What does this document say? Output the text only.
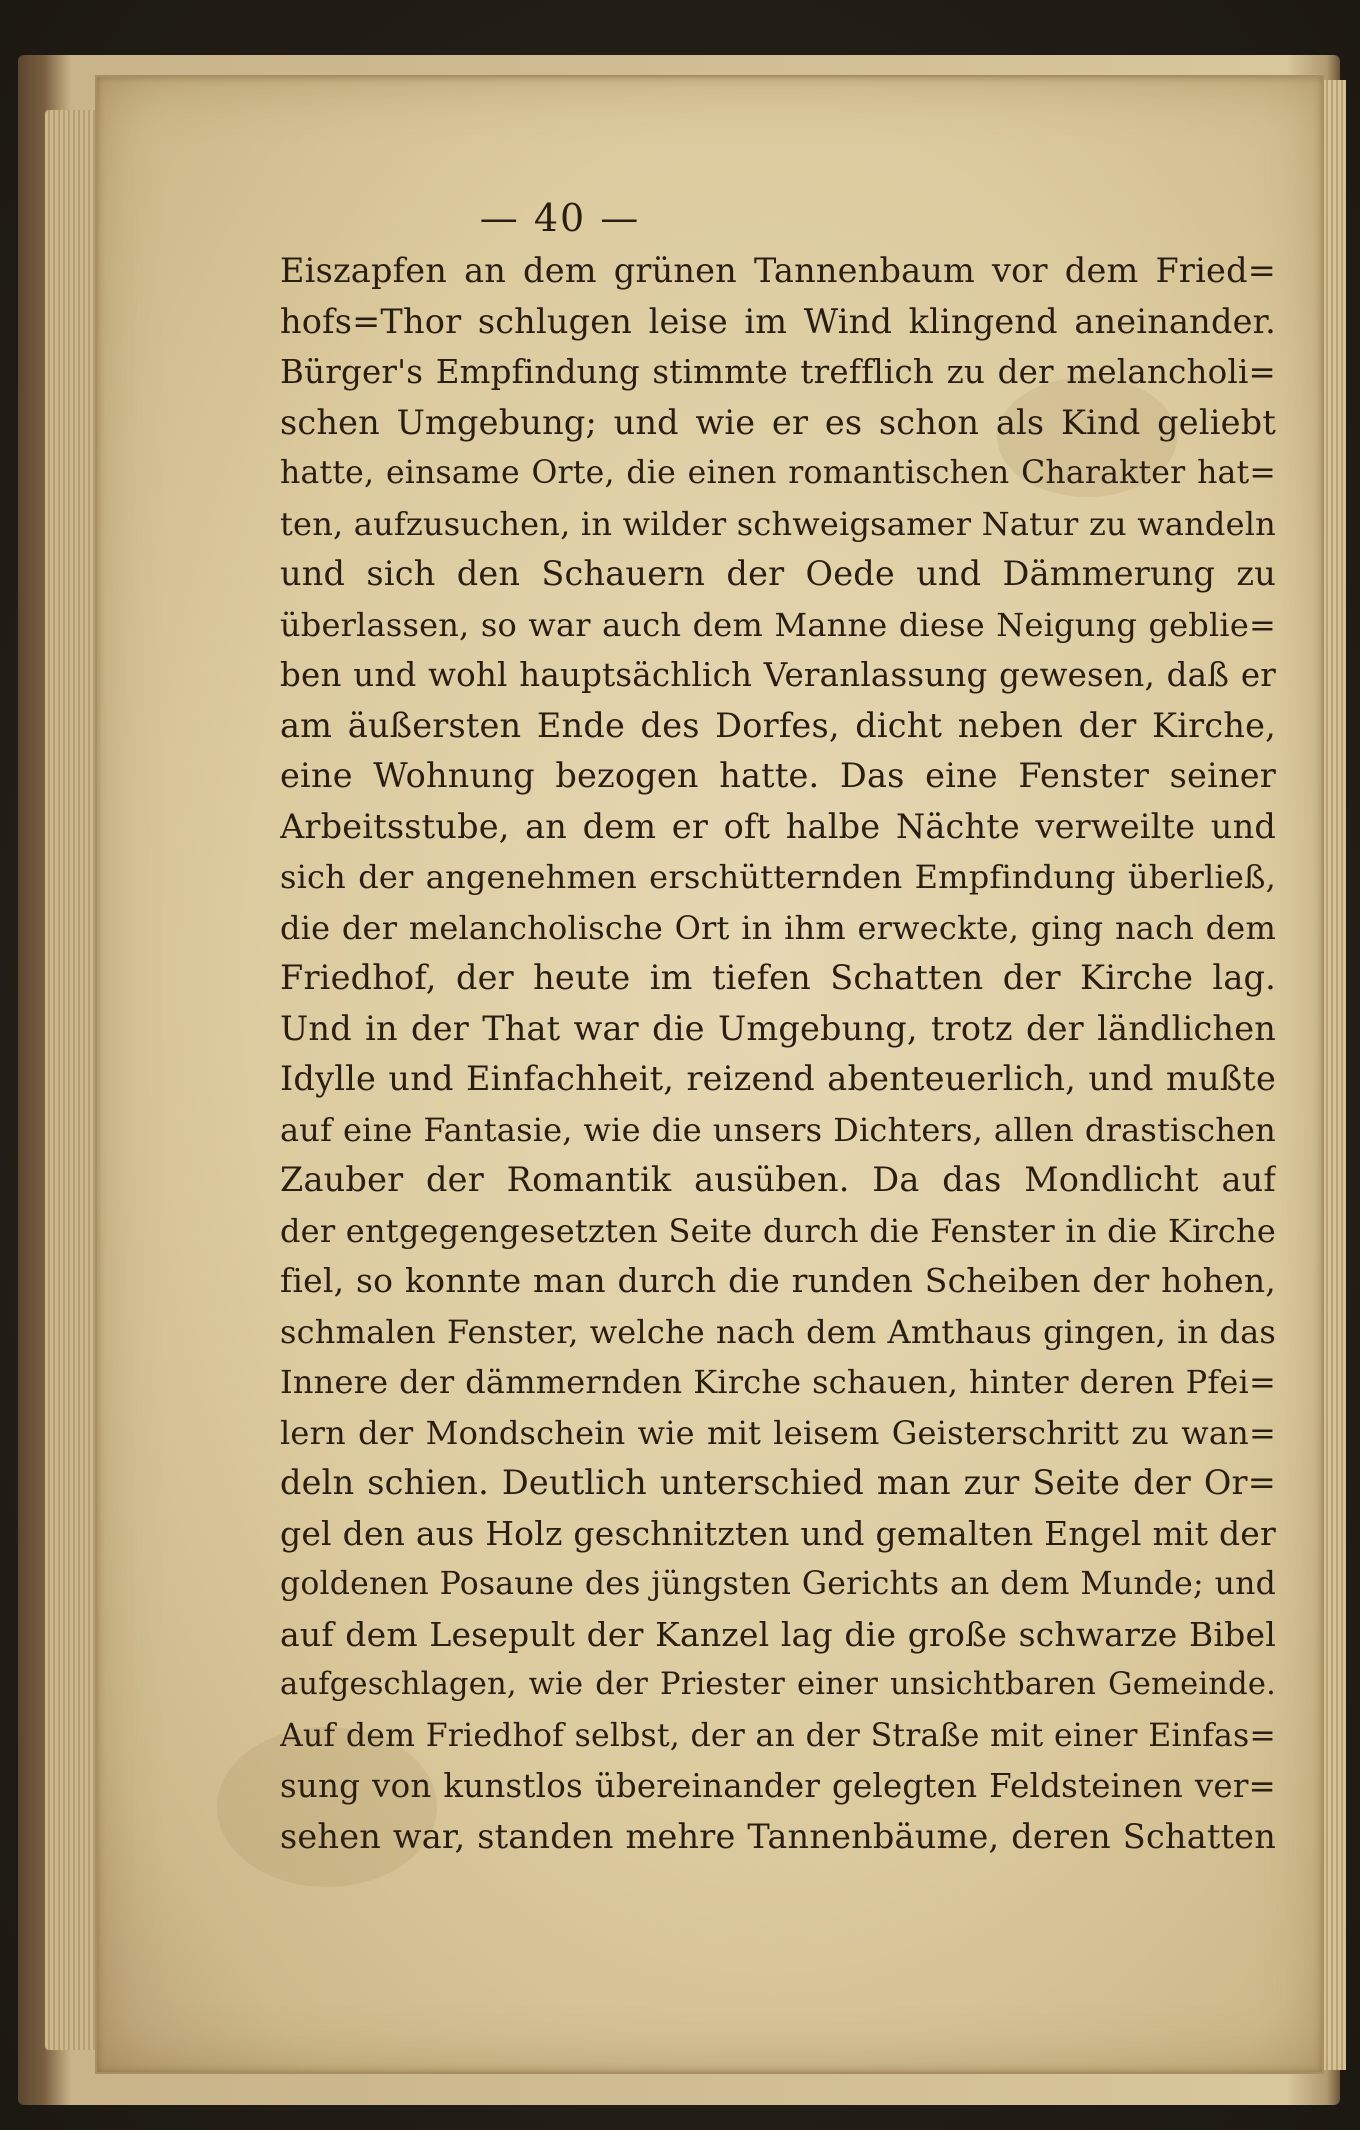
— 40 —
Eiszapfen an dem grünen Tannenbaum vor dem Fried=
hofs=Thor schlugen leise im Wind klingend aneinander.
Bürger's Empfindung stimmte trefflich zu der melancholi=
schen Umgebung; und wie er es schon als Kind geliebt
hatte, einsame Orte, die einen romantischen Charakter hat=
ten, aufzusuchen, in wilder schweigsamer Natur zu wandeln
und sich den Schauern der Oede und Dämmerung zu
überlassen, so war auch dem Manne diese Neigung geblie=
ben und wohl hauptsächlich Veranlassung gewesen, daß er
am äußersten Ende des Dorfes, dicht neben der Kirche,
eine Wohnung bezogen hatte. Das eine Fenster seiner
Arbeitsstube, an dem er oft halbe Nächte verweilte und
sich der angenehmen erschütternden Empfindung überließ,
die der melancholische Ort in ihm erweckte, ging nach dem
Friedhof, der heute im tiefen Schatten der Kirche lag.
Und in der That war die Umgebung, trotz der ländlichen
Idylle und Einfachheit, reizend abenteuerlich, und mußte
auf eine Fantasie, wie die unsers Dichters, allen drastischen
Zauber der Romantik ausüben. Da das Mondlicht auf
der entgegengesetzten Seite durch die Fenster in die Kirche
fiel, so konnte man durch die runden Scheiben der hohen,
schmalen Fenster, welche nach dem Amthaus gingen, in das
Innere der dämmernden Kirche schauen, hinter deren Pfei=
lern der Mondschein wie mit leisem Geisterschritt zu wan=
deln schien. Deutlich unterschied man zur Seite der Or=
gel den aus Holz geschnitzten und gemalten Engel mit der
goldenen Posaune des jüngsten Gerichts an dem Munde; und
auf dem Lesepult der Kanzel lag die große schwarze Bibel
aufgeschlagen, wie der Priester einer unsichtbaren Gemeinde.
Auf dem Friedhof selbst, der an der Straße mit einer Einfas=
sung von kunstlos übereinander gelegten Feldsteinen ver=
sehen war, standen mehre Tannenbäume, deren Schatten
